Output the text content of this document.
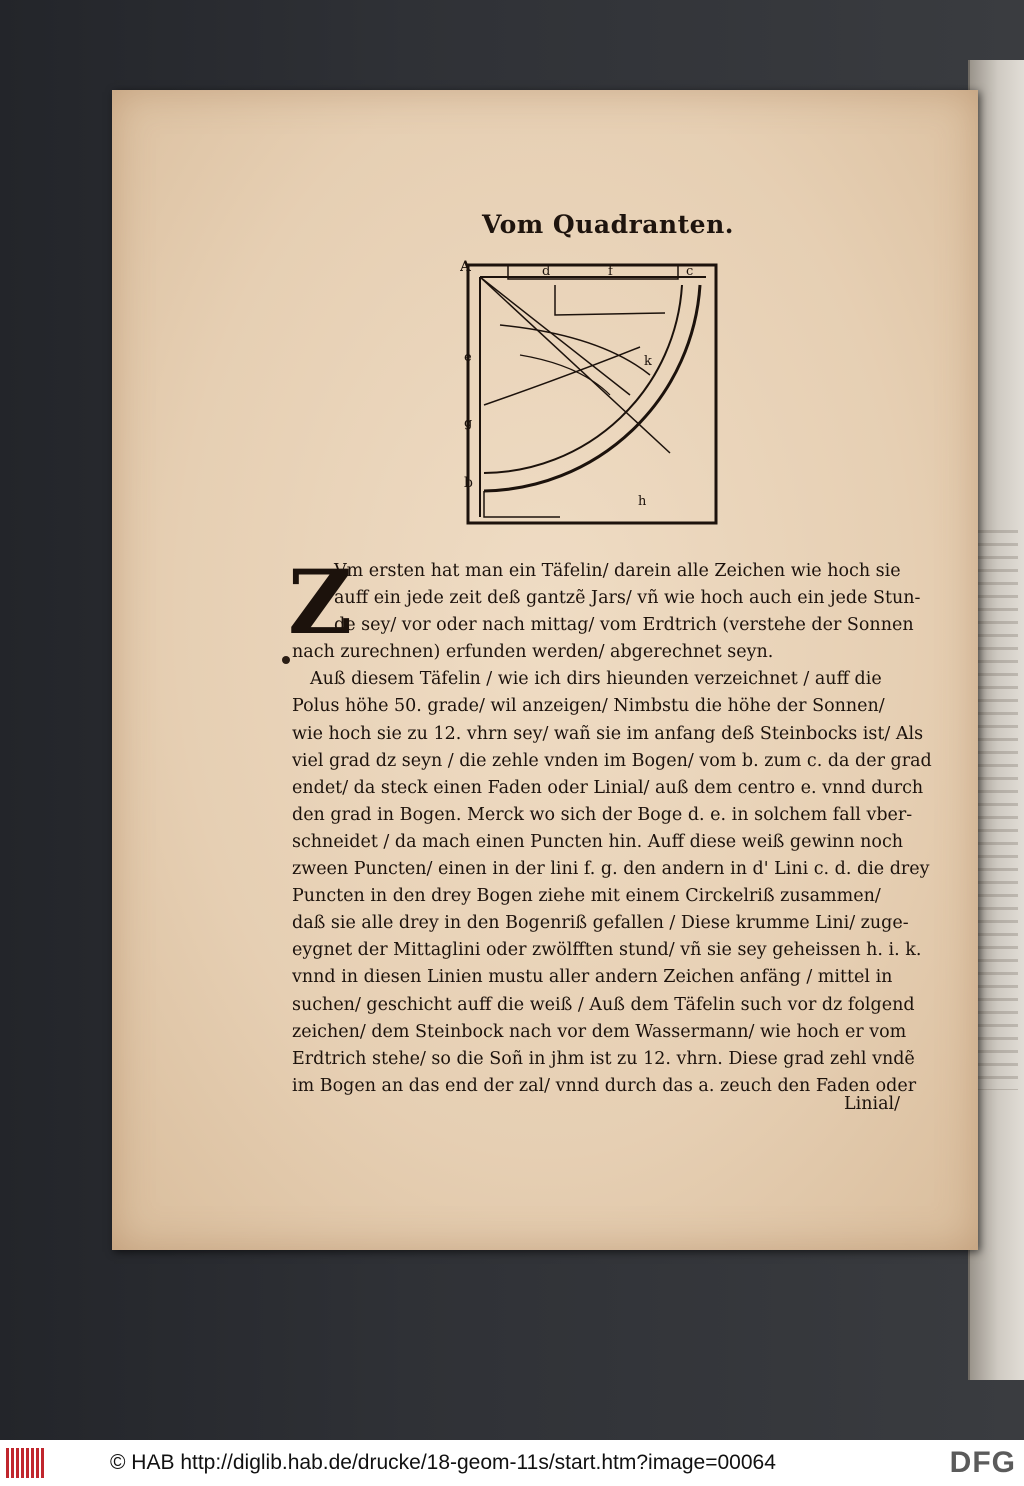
Vom Quadranten.
A
b
e
g
d	f	c
k
h
Z
Vm ersten hat man ein Täfelin/ darein alle Zeichen wie hoch sie
auff ein jede zeit deß gantzẽ Jars/ vñ wie hoch auch ein jede Stun-
de sey/ vor oder nach mittag/ vom Erdtrich (verstehe der Sonnen
nach zurechnen) erfunden werden/ abgerechnet seyn.
Auß diesem Täfelin / wie ich dirs hieunden verzeichnet / auff die
Polus höhe 50. grade/ wil anzeigen/ Nimbstu die höhe der Sonnen/
wie hoch sie zu 12. vhrn sey/ wañ sie im anfang deß Steinbocks ist/ Als
viel grad dz seyn / die zehle vnden im Bogen/ vom b. zum c. da der grad
endet/ da steck einen Faden oder Linial/ auß dem centro e. vnnd durch
den grad in Bogen. Merck wo sich der Boge d. e. in solchem fall vber-
schneidet / da mach einen Puncten hin. Auff diese weiß gewinn noch
zween Puncten/ einen in der lini f. g. den andern in d' Lini c. d. die drey
Puncten in den drey Bogen ziehe mit einem Circkelriß zusammen/
daß sie alle drey in den Bogenriß gefallen / Diese krumme Lini/ zuge-
eygnet der Mittaglini oder zwölfften stund/ vñ sie sey geheissen h. i. k.
vnnd in diesen Linien mustu aller andern Zeichen anfäng / mittel in
suchen/ geschicht auff die weiß / Auß dem Täfelin such vor dz folgend
zeichen/ dem Steinbock nach vor dem Wassermann/ wie hoch er vom
Erdtrich stehe/ so die Soñ in jhm ist zu 12. vhrn. Diese grad zehl vndẽ
im Bogen an das end der zal/ vnnd durch das a. zeuch den Faden oder
Linial/
© HAB http://diglib.hab.de/drucke/18-geom-11s/start.htm?image=00064	DFG
